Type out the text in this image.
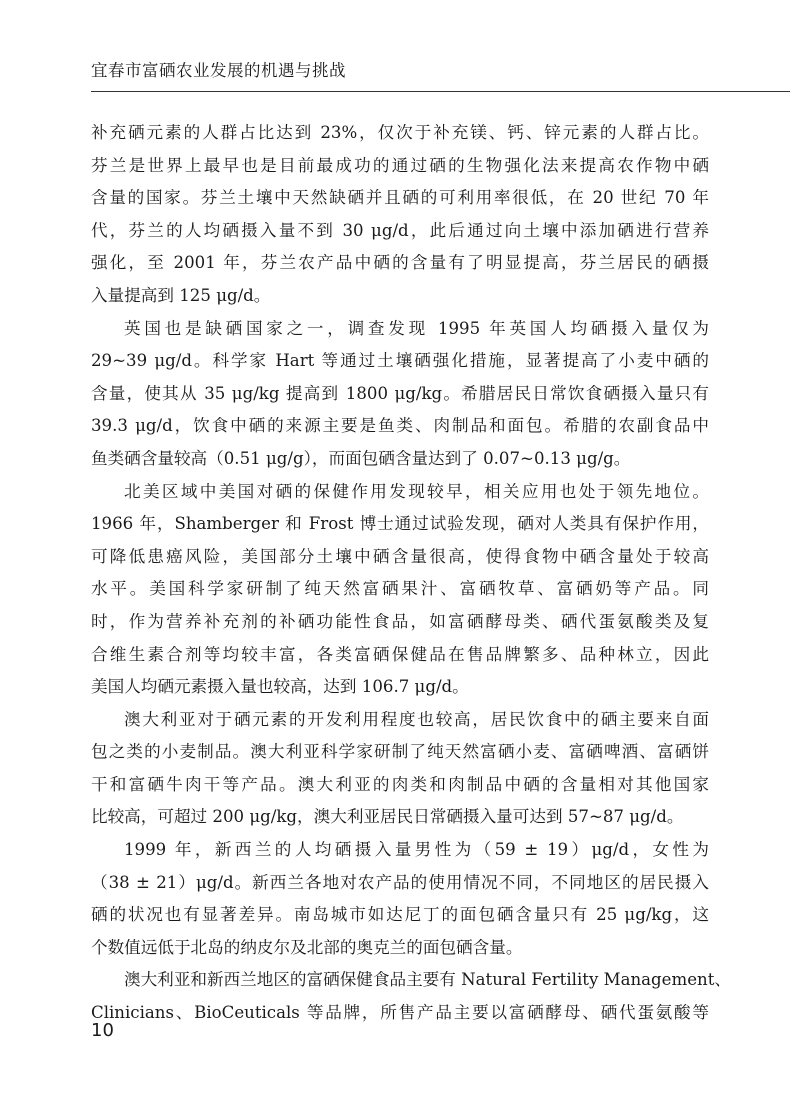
宜春市富硒农业发展的机遇与挑战
补充硒元素的人群占比达到 23%，仅次于补充镁、钙、锌元素的人群占比。
芬兰是世界上最早也是目前最成功的通过硒的生物强化法来提高农作物中硒
含量的国家。芬兰土壤中天然缺硒并且硒的可利用率很低，在 20 世纪 70 年
代，芬兰的人均硒摄入量不到 30 μg/d，此后通过向土壤中添加硒进行营养
强化，至 2001 年，芬兰农产品中硒的含量有了明显提高，芬兰居民的硒摄
入量提高到 125 μg/d。
英国也是缺硒国家之一，调查发现 1995 年英国人均硒摄入量仅为
29~39 μg/d。科学家 Hart 等通过土壤硒强化措施，显著提高了小麦中硒的
含量，使其从 35 μg/kg 提高到 1800 μg/kg。希腊居民日常饮食硒摄入量只有
39.3 μg/d，饮食中硒的来源主要是鱼类、肉制品和面包。希腊的农副食品中
鱼类硒含量较高（0.51 μg/g），而面包硒含量达到了 0.07~0.13 μg/g。
北美区域中美国对硒的保健作用发现较早，相关应用也处于领先地位。
1966 年，Shamberger 和 Frost 博士通过试验发现，硒对人类具有保护作用，
可降低患癌风险，美国部分土壤中硒含量很高，使得食物中硒含量处于较高
水平。美国科学家研制了纯天然富硒果汁、富硒牧草、富硒奶等产品。同
时，作为营养补充剂的补硒功能性食品，如富硒酵母类、硒代蛋氨酸类及复
合维生素合剂等均较丰富，各类富硒保健品在售品牌繁多、品种林立，因此
美国人均硒元素摄入量也较高，达到 106.7 μg/d。
澳大利亚对于硒元素的开发利用程度也较高，居民饮食中的硒主要来自面
包之类的小麦制品。澳大利亚科学家研制了纯天然富硒小麦、富硒啤酒、富硒饼
干和富硒牛肉干等产品。澳大利亚的肉类和肉制品中硒的含量相对其他国家
比较高，可超过 200 μg/kg，澳大利亚居民日常硒摄入量可达到 57~87 μg/d。
1999 年，新西兰的人均硒摄入量男性为（59 ± 19）μg/d，女性为
（38 ± 21）μg/d。新西兰各地对农产品的使用情况不同，不同地区的居民摄入
硒的状况也有显著差异。南岛城市如达尼丁的面包硒含量只有 25 μg/kg，这
个数值远低于北岛的纳皮尔及北部的奥克兰的面包硒含量。
澳大利亚和新西兰地区的富硒保健食品主要有 Natural Fertility Management、
Clinicians、BioCeuticals 等品牌，所售产品主要以富硒酵母、硒代蛋氨酸等
10
